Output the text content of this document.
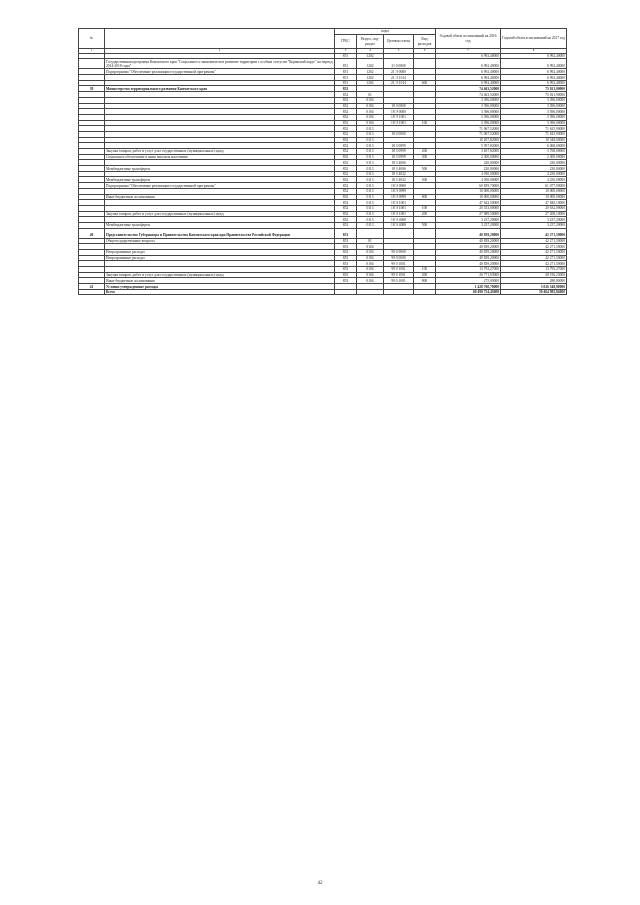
№		коды				Годовой объем ассигнований на 2016 год	Годовой объем ассигнований на 2017 год
		ГРБС	Раздел, под-раздел	Целевая статья	Вид расходов		
1	2	3	4	5	6	7	8
		851	1202			6 992,40000	6 992,40000
	Государственная программа Камчатского края "Социальное и экономическое развитие территории с особым статусом "Корякский округ" на период 2014-2018 годы"	851	1202	21 0 0000		6 992,40000	6 992,40000
	Подпрограмма "Обеспечение реализации государственной программы"	851	1202	21 Э 0000		6 992,40000	6 992,40000
		851	1202	21 Э 1014		6 992,40000	6 992,40000
		851	1202	21 Э 1014	600	6 992,40000	6 992,40000
39	Министерство территориального развития Камчатского края	852				74 463,52000	75 021,90000
		852	01			74 463,52000	75 021,90000
		852	0104			3 396,00000	3 396,00000
		852	0104	18 0 0000		3 396,00000	3 396,00000
		852	0104	18 Э 0000		3 396,00000	3 396,00000
		852	0104	18 Э 1001		3 396,00000	3 396,00000
		852	0104	18 Э 1001	100	3 396,00000	3 396,00000
		852	0113			71 067,52000	71 625,90000
		852	0113	18 0 0000		71 067,52000	71 625,90000
		852	0113			10 207,82000	10 548,00000
		852	0113	18 3 0999		5 957,82000	6 068,00000
	Закупка товаров, работ и услуг для государственных (муниципальных) нужд	852	0113	18 3 0999	200	3 657,82000	3 768,00000
	Социальное обеспечение и иные выплаты населению	852	0113	18 3 0999	300	2 300,00000	2 300,00000
		852	0113	18 3 4006		220,00000	230,00000
	Межбюджетные трансферты	852	0113	18 3 4006	500	220,00000	230,00000
		852	0113	18 3 4032		4 050,00000	4 250,00000
	Межбюджетные трансферты	852	0113	18 3 4032	500	4 050,00000	4 250,00000
	Подпрограмма "Обеспечение реализации государственной программы"	852	0113	18 Э 0000		60 859,70000	61 077,90000
		852	0113	18 Э 0999		10 000,00000	10 000,00000
	Иные бюджетные ассигнования	852	0113	18 Э 0999	800	10 000,00000	10 000,00000
		852	0113	18 Э 1001		47 622,50000	47 840,10000
		852	0113	18 Э 1001	100	20 533,00000	20 632,00000
	Закупка товаров, работ и услуг для государственных (муниципальных) нужд	852	0113	18 Э 1001	200	27 089,50000	27 208,10000
		852	0113	18 Э 4008		3 237,20000	3 237,20000
	Межбюджетные трансферты	852	0113	18 Э 4008	500	3 237,20000	3 237,20000
40	Представительство Губернатора и Правительства Камчатского края при Правительстве Российской Федерации	853				40 839,20000	42 271,50000
	Общегосударственные вопросы	853	01			40 839,20000	42 271,50000
		853	0104			40 839,20000	42 271,50000
	Непрограммные расходы	853	0104	99 0 0000		40 839,20000	42 271,50000
	Непрограммные расходы	853	0104	99 0 0000		40 839,20000	42 271,50000
		853	0104	99 0 1001		40 839,20000	42 271,50000
		853	0104	99 0 1001	100	13 792,27000	13 795,27000
	Закупка товаров, работ и услуг для государственных (муниципальных) нужд	853	0104	99 0 1001	200	26 771,93000	28 196,23000
	Иные бюджетные ассигнования	853	0104	99 0 1001	800	275,00000	280,00000
41	Условно утвержденные расходы					1 428 760,70000	3 026 548,90000
	Всего					60 498 754,43600	59 464 982,94000
42
